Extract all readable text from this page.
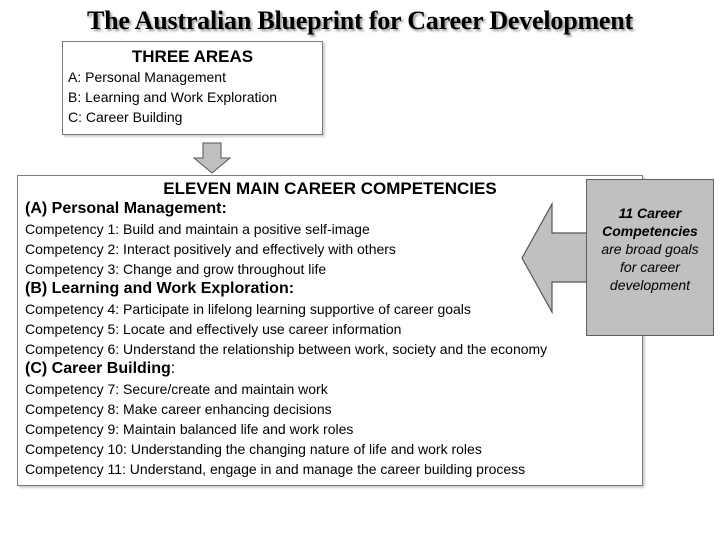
The Australian Blueprint for Career Development
THREE AREAS
A: Personal Management
B: Learning and Work Exploration
C: Career Building
ELEVEN MAIN CAREER COMPETENCIES
(A) Personal Management:
Competency 1: Build and maintain a positive self-image
Competency 2: Interact positively and effectively with others
Competency 3: Change and grow throughout life
(B) Learning and Work Exploration:
Competency 4: Participate in lifelong learning supportive of career goals
Competency 5: Locate and effectively use career information
Competency 6: Understand the relationship between work, society and the economy
(C) Career Building:
Competency 7: Secure/create and maintain work
Competency 8: Make career enhancing decisions
Competency 9: Maintain balanced life and work roles
Competency 10: Understanding the changing nature of life and work roles
Competency 11: Understand, engage in and manage the career building process
11 Career
Competencies
are broad goals
for career
development
